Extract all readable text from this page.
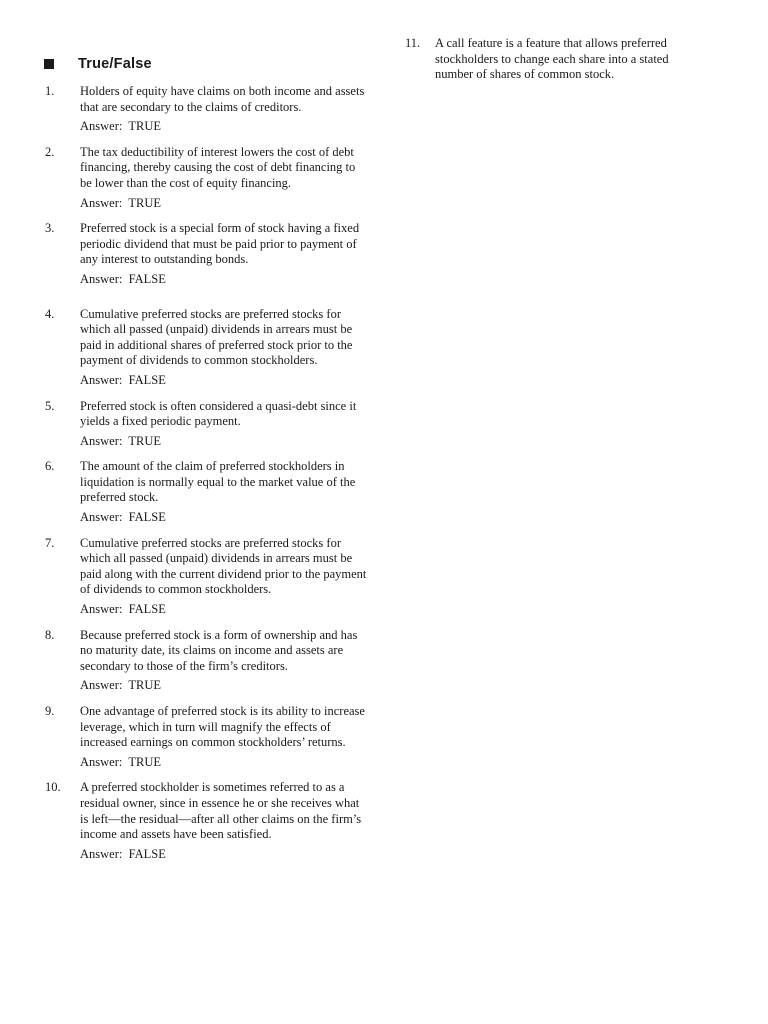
True/False
1. Holders of equity have claims on both income and assets that are secondary to the claims of creditors.
Answer: TRUE
2. The tax deductibility of interest lowers the cost of debt financing, thereby causing the cost of debt financing to be lower than the cost of equity financing.
Answer: TRUE
3. Preferred stock is a special form of stock having a fixed periodic dividend that must be paid prior to payment of any interest to outstanding bonds.
Answer: FALSE
4. Cumulative preferred stocks are preferred stocks for which all passed (unpaid) dividends in arrears must be paid in additional shares of preferred stock prior to the payment of dividends to common stockholders.
Answer: FALSE
5. Preferred stock is often considered a quasi-debt since it yields a fixed periodic payment.
Answer: TRUE
6. The amount of the claim of preferred stockholders in liquidation is normally equal to the market value of the preferred stock.
Answer: FALSE
7. Cumulative preferred stocks are preferred stocks for which all passed (unpaid) dividends in arrears must be paid along with the current dividend prior to the payment of dividends to common stockholders.
Answer: FALSE
8. Because preferred stock is a form of ownership and has no maturity date, its claims on income and assets are secondary to those of the firm’s creditors.
Answer: TRUE
9. One advantage of preferred stock is its ability to increase leverage, which in turn will magnify the effects of increased earnings on common stockholders’ returns.
Answer: TRUE
10. A preferred stockholder is sometimes referred to as a residual owner, since in essence he or she receives what is left—the residual—after all other claims on the firm’s income and assets have been satisfied.
Answer: FALSE
11. A call feature is a feature that allows preferred stockholders to change each share into a stated number of shares of common stock.
